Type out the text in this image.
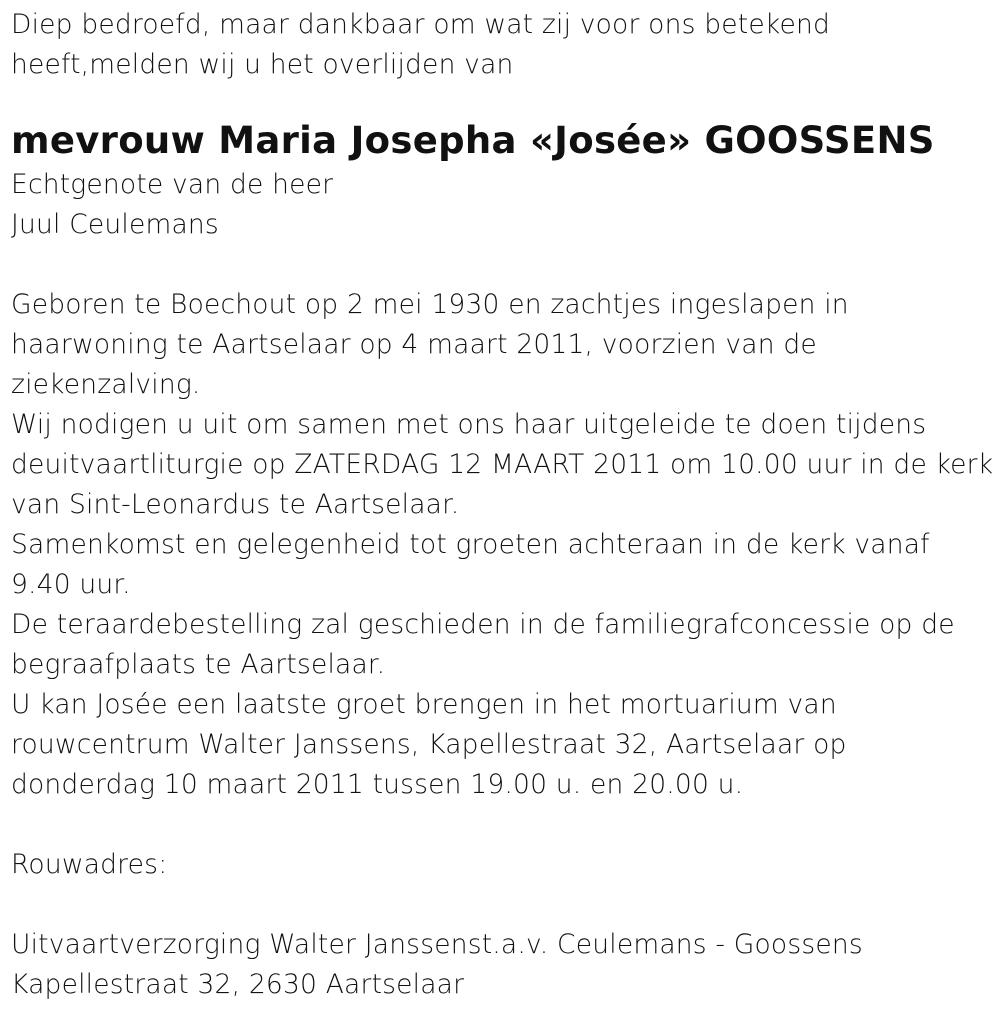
Diep bedroefd, maar dankbaar om wat zij voor ons betekend
heeft,melden wij u het overlijden van
mevrouw Maria Josepha «Josée» GOOSSENS
Echtgenote van de heer
Juul Ceulemans
Geboren te Boechout op 2 mei 1930 en zachtjes ingeslapen in
haarwoning te Aartselaar op 4 maart 2011, voorzien van de
ziekenzalving.
Wij nodigen u uit om samen met ons haar uitgeleide te doen tijdens
deuitvaartliturgie op ZATERDAG 12 MAART 2011 om 10.00 uur in de kerk
van Sint-Leonardus te Aartselaar.
Samenkomst en gelegenheid tot groeten achteraan in de kerk vanaf
9.40 uur.
De teraardebestelling zal geschieden in de familiegrafconcessie op de
begraafplaats te Aartselaar.
U kan Josée een laatste groet brengen in het mortuarium van
rouwcentrum Walter Janssens, Kapellestraat 32, Aartselaar op
donderdag 10 maart 2011 tussen 19.00 u. en 20.00 u.
Rouwadres:
Uitvaartverzorging Walter Janssenst.a.v. Ceulemans - Goossens
Kapellestraat 32, 2630 Aartselaar
